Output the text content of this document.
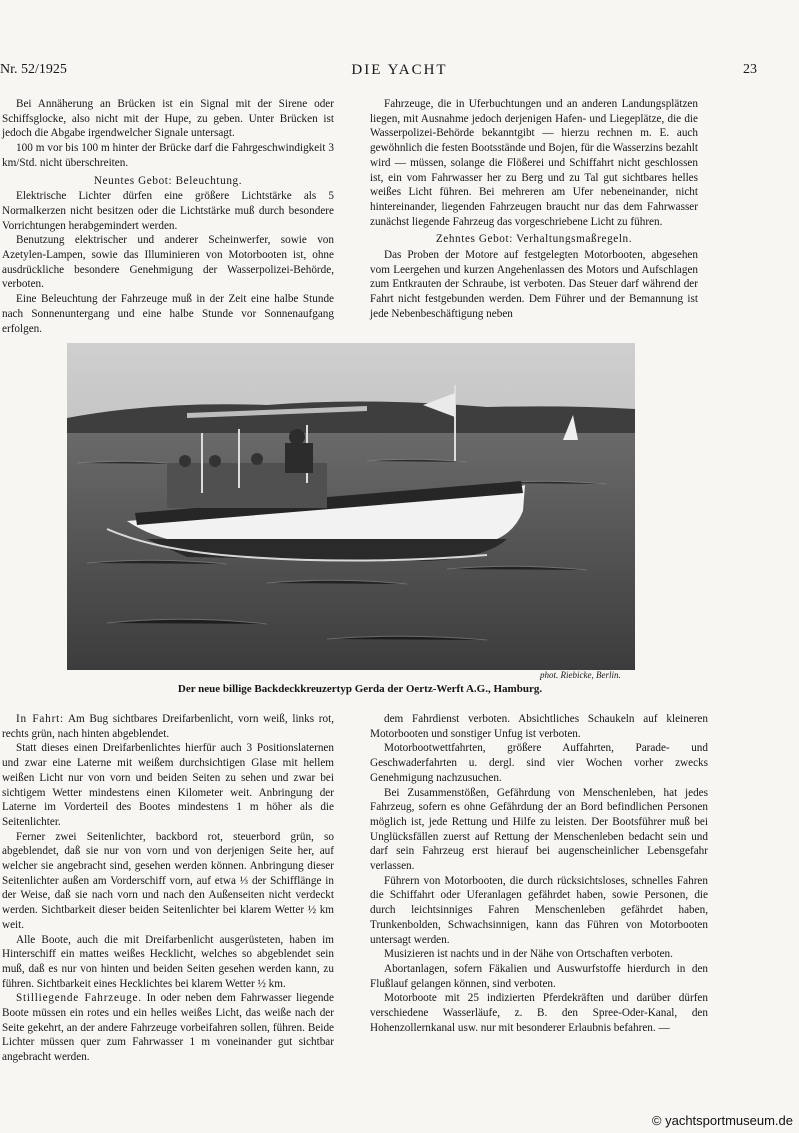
Nr. 52/1925	DIE YACHT	23

Bei Annäherung an Brücken ist ein Signal mit der Sirene oder Schiffsglocke, also nicht mit der Hupe, zu geben. Unter Brücken ist jedoch die Abgabe irgendwelcher Signale untersagt.

100 m vor bis 100 m hinter der Brücke darf die Fahrgeschwindigkeit 3 km/Std. nicht überschreiten.

Neuntes Gebot: Beleuchtung.

Elektrische Lichter dürfen eine größere Lichtstärke als 5 Normalkerzen nicht besitzen oder die Lichtstärke muß durch besondere Vorrichtungen herabgemindert werden.

Benutzung elektrischer und anderer Scheinwerfer, sowie von Azetylen-Lampen, sowie das Illuminieren von Motorbooten ist, ohne ausdrückliche besondere Genehmigung der Wasserpolizei-Behörde, verboten.

Eine Beleuchtung der Fahrzeuge muß in der Zeit eine halbe Stunde nach Sonnenuntergang und eine halbe Stunde vor Sonnenaufgang erfolgen.

Fahrzeuge, die in Uferbuchtungen und an anderen Landungsplätzen liegen, mit Ausnahme jedoch derjenigen Hafen- und Liegeplätze, die die Wasserpolizei-Behörde bekanntgibt — hierzu rechnen m. E. auch gewöhnlich die festen Bootsstände und Bojen, für die Wasserzins bezahlt wird — müssen, solange die Flößerei und Schiffahrt nicht geschlossen ist, ein vom Fahrwasser her zu Berg und zu Tal gut sichtbares helles weißes Licht führen. Bei mehreren am Ufer nebeneinander, nicht hintereinander, liegenden Fahrzeugen braucht nur das dem Fahrwasser zunächst liegende Fahrzeug das vorgeschriebene Licht zu führen.

Zehntes Gebot: Verhaltungsmaßregeln.

Das Proben der Motore auf festgelegten Motorbooten, abgesehen vom Leergehen und kurzen Angehenlassen des Motors und Aufschlagen zum Entkrauten der Schraube, ist verboten. Das Steuer darf während der Fahrt nicht festgebunden werden. Dem Führer und der Bemannung ist jede Nebenbeschäftigung neben

phot. Riebicke, Berlin.
Der neue billige Backdeckkreuzertyp Gerda der Oertz-Werft A.G., Hamburg.

In Fahrt: Am Bug sichtbares Dreifarbenlicht, vorn weiß, links rot, rechts grün, nach hinten abgeblendet.

Statt dieses einen Dreifarbenlichtes hierfür auch 3 Positionslaternen und zwar eine Laterne mit weißem durchsichtigen Glase mit hellem weißen Licht nur von vorn und beiden Seiten zu sehen und zwar bei sichtigem Wetter mindestens einen Kilometer weit. Anbringung der Laterne im Vorderteil des Bootes mindestens 1 m höher als die Seitenlichter.

Ferner zwei Seitenlichter, backbord rot, steuerbord grün, so abgeblendet, daß sie nur von vorn und von derjenigen Seite her, auf welcher sie angebracht sind, gesehen werden können. Anbringung dieser Seitenlichter außen am Vorderschiff vorn, auf etwa ⅓ der Schifflänge in der Weise, daß sie nach vorn und nach den Außenseiten nicht verdeckt werden. Sichtbarkeit dieser beiden Seitenlichter bei klarem Wetter ½ km weit.

Alle Boote, auch die mit Dreifarbenlicht ausgerüsteten, haben im Hinterschiff ein mattes weißes Hecklicht, welches so abgeblendet sein muß, daß es nur von hinten und beiden Seiten gesehen werden kann, zu führen. Sichtbarkeit eines Hecklichtes bei klarem Wetter ½ km.

Stilliegende Fahrzeuge. In oder neben dem Fahrwasser liegende Boote müssen ein rotes und ein helles weißes Licht, das weiße nach der Seite gekehrt, an der andere Fahrzeuge vorbeifahren sollen, führen. Beide Lichter müssen quer zum Fahrwasser 1 m voneinander gut sichtbar angebracht werden.

dem Fahrdienst verboten. Absichtliches Schaukeln auf kleineren Motorbooten und sonstiger Unfug ist verboten.

Motorbootwettfahrten, größere Auffahrten, Parade- und Geschwaderfahrten u. dergl. sind vier Wochen vorher zwecks Genehmigung nachzusuchen.

Bei Zusammenstößen, Gefährdung von Menschenleben, hat jedes Fahrzeug, sofern es ohne Gefährdung der an Bord befindlichen Personen möglich ist, jede Rettung und Hilfe zu leisten. Der Bootsführer muß bei Unglücksfällen zuerst auf Rettung der Menschenleben bedacht sein und darf sein Fahrzeug erst hierauf bei augenscheinlicher Lebensgefahr verlassen.

Führern von Motorbooten, die durch rücksichtsloses, schnelles Fahren die Schiffahrt oder Uferanlagen gefährdet haben, sowie Personen, die durch leichtsinniges Fahren Menschenleben gefährdet haben, Trunkenbolden, Schwachsinnigen, kann das Führen von Motorbooten untersagt werden.

Musizieren ist nachts und in der Nähe von Ortschaften verboten.

Abortanlagen, sofern Fäkalien und Auswurfstoffe hierdurch in den Flußlauf gelangen können, sind verboten.

Motorboote mit 25 indizierten Pferdekräften und darüber dürfen verschiedene Wasserläufe, z. B. den Spree-Oder-Kanal, den Hohenzollernkanal usw. nur mit besonderer Erlaubnis befahren. —

© yachtsportmuseum.de
